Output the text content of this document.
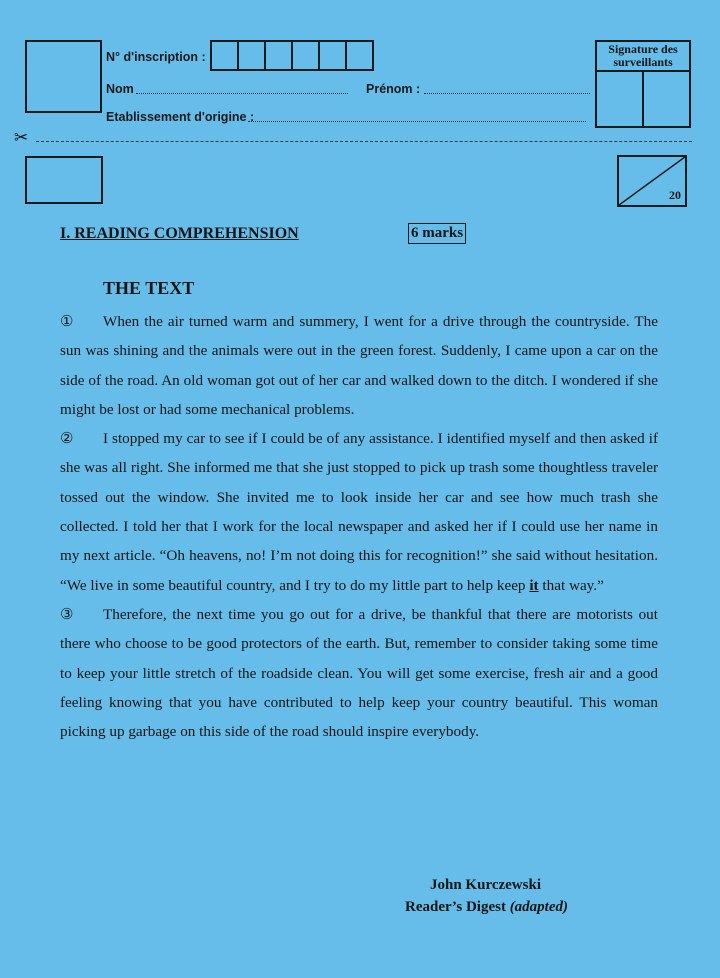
N° d'inscription :
Nom	Prénom :
Etablissement d'origine :
Signature des surveillants
✂
20
I. READING COMPREHENSION	6 marks
THE TEXT

① When the air turned warm and summery, I went for a drive through the countryside. The sun was shining and the animals were out in the green forest. Suddenly, I came upon a car on the side of the road. An old woman got out of her car and walked down to the ditch. I wondered if she might be lost or had some mechanical problems.

② I stopped my car to see if I could be of any assistance. I identified myself and then asked if she was all right. She informed me that she just stopped to pick up trash some thoughtless traveler tossed out the window. She invited me to look inside her car and see how much trash she collected. I told her that I work for the local newspaper and asked her if I could use her name in my next article. “Oh heavens, no! I’m not doing this for recognition!” she said without hesitation. “We live in some beautiful country, and I try to do my little part to help keep it that way.”

③ Therefore, the next time you go out for a drive, be thankful that there are motorists out there who choose to be good protectors of the earth. But, remember to consider taking some time to keep your little stretch of the roadside clean. You will get some exercise, fresh air and a good feeling knowing that you have contributed to help keep your country beautiful. This woman picking up garbage on this side of the road should inspire everybody.

John Kurczewski
Reader’s Digest (adapted)
